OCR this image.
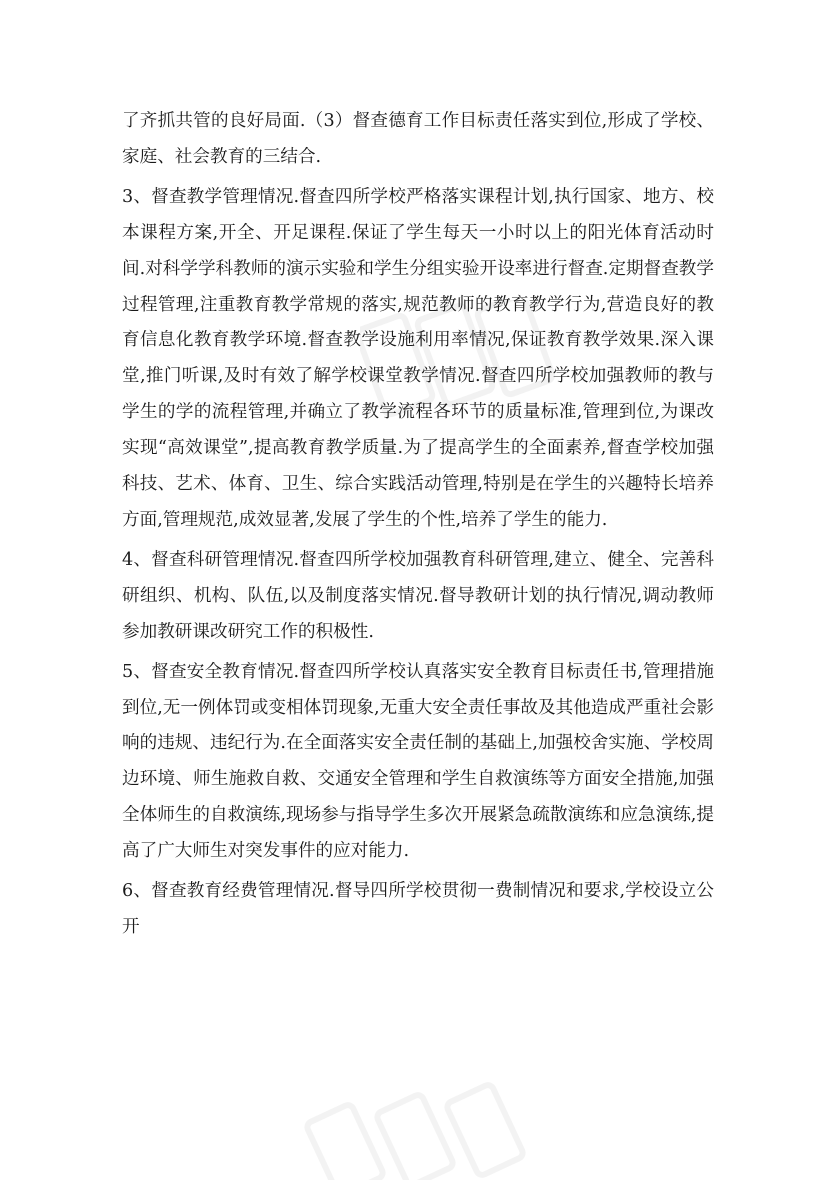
了齐抓共管的良好局面.（3）督查德育工作目标责任落实到位,形成了学校、家庭、社会教育的三结合.

3、督查教学管理情况.督查四所学校严格落实课程计划,执行国家、地方、校本课程方案,开全、开足课程.保证了学生每天一小时以上的阳光体育活动时间.对科学学科教师的演示实验和学生分组实验开设率进行督查.定期督查教学过程管理,注重教育教学常规的落实,规范教师的教育教学行为,营造良好的教育信息化教育教学环境.督查教学设施利用率情况,保证教育教学效果.深入课堂,推门听课,及时有效了解学校课堂教学情况.督查四所学校加强教师的教与学生的学的流程管理,并确立了教学流程各环节的质量标准,管理到位,为课改实现“高效课堂”,提高教育教学质量.为了提高学生的全面素养,督查学校加强科技、艺术、体育、卫生、综合实践活动管理,特别是在学生的兴趣特长培养方面,管理规范,成效显著,发展了学生的个性,培养了学生的能力.

4、督查科研管理情况.督查四所学校加强教育科研管理,建立、健全、完善科研组织、机构、队伍,以及制度落实情况.督导教研计划的执行情况,调动教师参加教研课改研究工作的积极性.

5、督查安全教育情况.督查四所学校认真落实安全教育目标责任书,管理措施到位,无一例体罚或变相体罚现象,无重大安全责任事故及其他造成严重社会影响的违规、违纪行为.在全面落实安全责任制的基础上,加强校舍实施、学校周边环境、师生施救自救、交通安全管理和学生自救演练等方面安全措施,加强全体师生的自救演练,现场参与指导学生多次开展紧急疏散演练和应急演练,提高了广大师生对突发事件的应对能力.

6、督查教育经费管理情况.督导四所学校贯彻一费制情况和要求,学校设立公开
